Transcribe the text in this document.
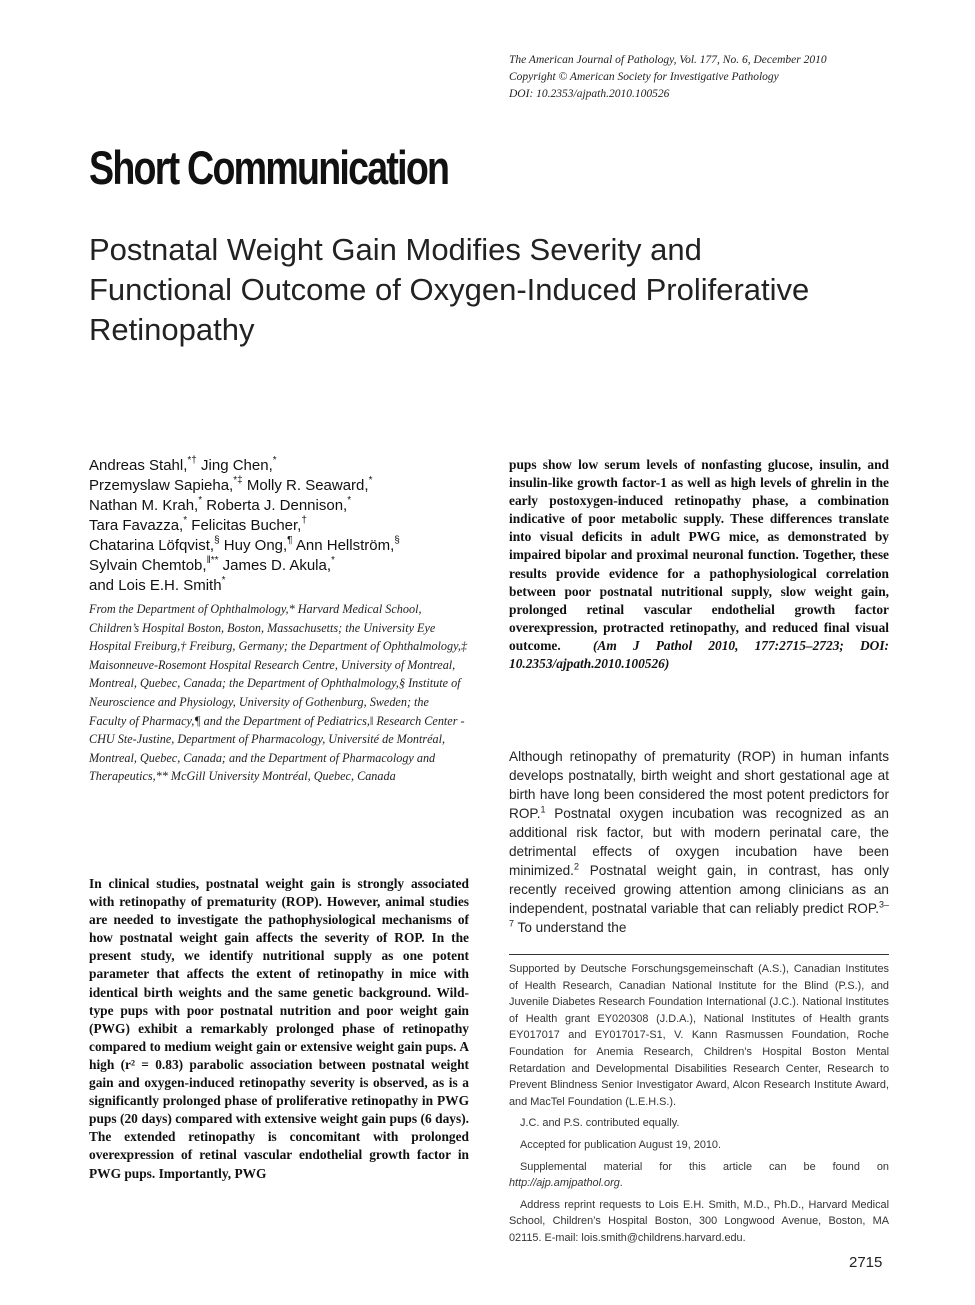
The American Journal of Pathology, Vol. 177, No. 6, December 2010
Copyright © American Society for Investigative Pathology
DOI: 10.2353/ajpath.2010.100526
Short Communication
Postnatal Weight Gain Modifies Severity and
Functional Outcome of Oxygen-Induced Proliferative
Retinopathy
Andreas Stahl,*† Jing Chen,*
Przemyslaw Sapieha,*‡ Molly R. Seaward,*
Nathan M. Krah,* Roberta J. Dennison,*
Tara Favazza,* Felicitas Bucher,†
Chatarina Löfqvist,§ Huy Ong,¶ Ann Hellström,§
Sylvain Chemtob,‖** James D. Akula,*
and Lois E.H. Smith*

From the Department of Ophthalmology,* Harvard Medical School, Children’s Hospital Boston, Boston, Massachusetts; the University Eye Hospital Freiburg,† Freiburg, Germany; the Department of Ophthalmology,‡ Maisonneuve-Rosemont Hospital Research Centre, University of Montreal, Montreal, Quebec, Canada; the Department of Ophthalmology,§ Institute of Neuroscience and Physiology, University of Gothenburg, Sweden; the Faculty of Pharmacy,¶ and the Department of Pediatrics,‖ Research Center - CHU Ste-Justine, Department of Pharmacology, Université de Montréal, Montreal, Quebec, Canada; and the Department of Pharmacology and Therapeutics,** McGill University Montréal, Quebec, Canada

In clinical studies, postnatal weight gain is strongly associated with retinopathy of prematurity (ROP). However, animal studies are needed to investigate the pathophysiological mechanisms of how postnatal weight gain affects the severity of ROP. In the present study, we identify nutritional supply as one potent parameter that affects the extent of retinopathy in mice with identical birth weights and the same genetic background. Wild-type pups with poor postnatal nutrition and poor weight gain (PWG) exhibit a remarkably prolonged phase of retinopathy compared to medium weight gain or extensive weight gain pups. A high (r² = 0.83) parabolic association between postnatal weight gain and oxygen-induced retinopathy severity is observed, as is a significantly prolonged phase of proliferative retinopathy in PWG pups (20 days) compared with extensive weight gain pups (6 days). The extended retinopathy is concomitant with prolonged overexpression of retinal vascular endothelial growth factor in PWG pups. Importantly, PWG

pups show low serum levels of nonfasting glucose, insulin, and insulin-like growth factor-1 as well as high levels of ghrelin in the early postoxygen-induced retinopathy phase, a combination indicative of poor metabolic supply. These differences translate into visual deficits in adult PWG mice, as demonstrated by impaired bipolar and proximal neuronal function. Together, these results provide evidence for a pathophysiological correlation between poor postnatal nutritional supply, slow weight gain, prolonged retinal vascular endothelial growth factor overexpression, protracted retinopathy, and reduced final visual outcome. (Am J Pathol 2010, 177:2715–2723; DOI: 10.2353/ajpath.2010.100526)

Although retinopathy of prematurity (ROP) in human infants develops postnatally, birth weight and short gestational age at birth have long been considered the most potent predictors for ROP.$^1$ Postnatal oxygen incubation was recognized as an additional risk factor, but with modern perinatal care, the detrimental effects of oxygen incubation have been minimized.$^2$ Postnatal weight gain, in contrast, has only recently received growing attention among clinicians as an independent, postnatal variable that can reliably predict ROP.$^{3-7}$ To understand the

Supported by Deutsche Forschungsgemeinschaft (A.S.), Canadian Institutes of Health Research, Canadian National Institute for the Blind (P.S.), and Juvenile Diabetes Research Foundation International (J.C.). National Institutes of Health grant EY020308 (J.D.A.), National Institutes of Health grants EY017017 and EY017017-S1, V. Kann Rasmussen Foundation, Roche Foundation for Anemia Research, Children’s Hospital Boston Mental Retardation and Developmental Disabilities Research Center, Research to Prevent Blindness Senior Investigator Award, Alcon Research Institute Award, and MacTel Foundation (L.E.H.S.).

J.C. and P.S. contributed equally.

Accepted for publication August 19, 2010.

Supplemental material for this article can be found on http://ajp.amjpathol.org.

Address reprint requests to Lois E.H. Smith, M.D., Ph.D., Harvard Medical School, Children’s Hospital Boston, 300 Longwood Avenue, Boston, MA 02115. E-mail: lois.smith@childrens.harvard.edu.

2715
